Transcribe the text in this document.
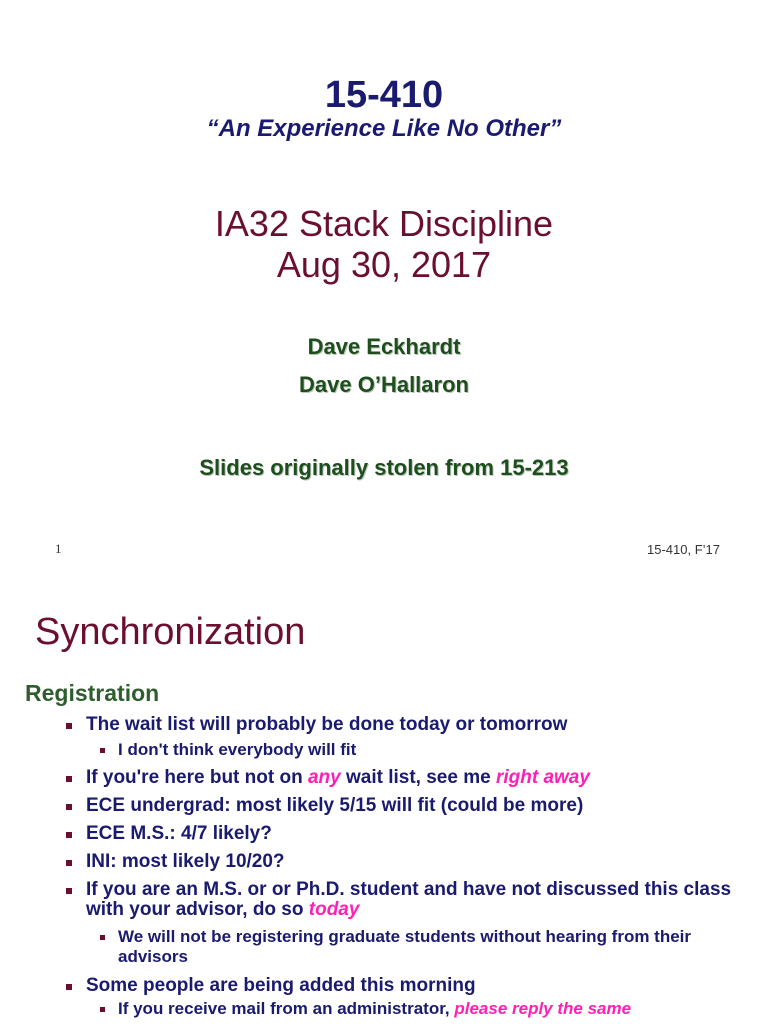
15-410
“An Experience Like No Other”
IA32 Stack Discipline
Aug 30, 2017
Dave Eckhardt
Dave O’Hallaron
Slides originally stolen from 15-213
1	15-410, F’17
Synchronization
Registration
The wait list will probably be done today or tomorrow
I don't think everybody will fit
If you're here but not on any wait list, see me right away
ECE undergrad: most likely 5/15 will fit (could be more)
ECE M.S.: 4/7 likely?
INI: most likely 10/20?
If you are an M.S. or or Ph.D. student and have not discussed this class with your advisor, do so today
We will not be registering graduate students without hearing from their advisors
Some people are being added this morning
If you receive mail from an administrator, please reply the same
